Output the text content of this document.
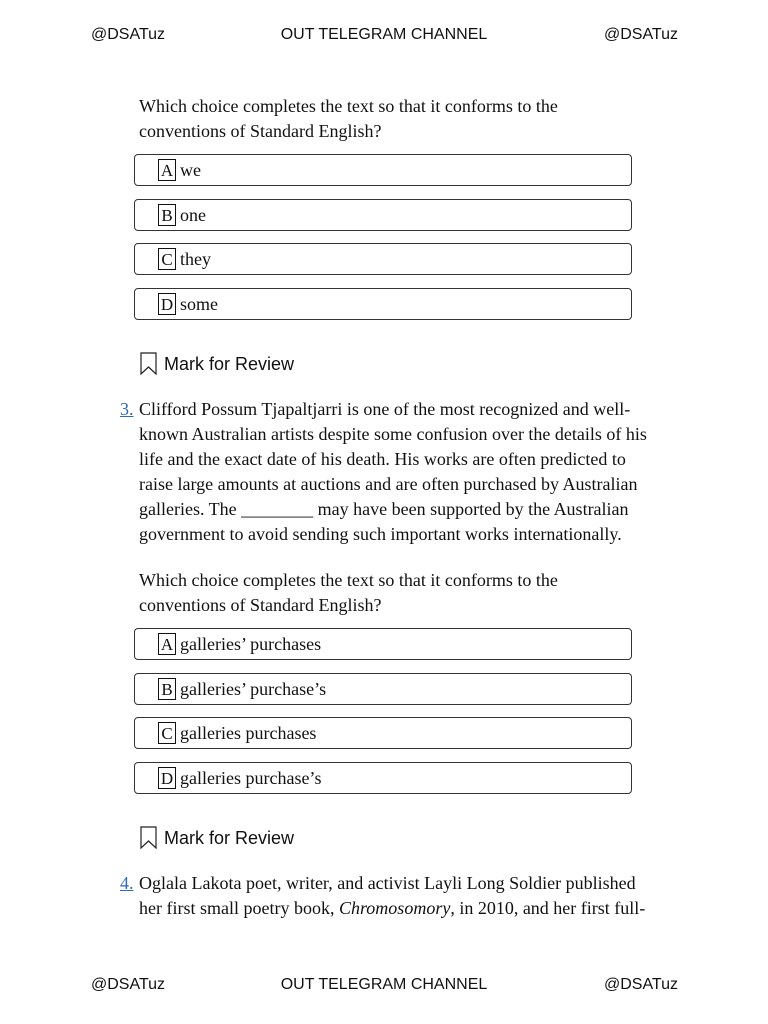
@DSATuz	OUT TELEGRAM CHANNEL	@DSATuz
Which choice completes the text so that it conforms to the
conventions of Standard English?
A we
B one
C they
D some
Mark for Review
3. Clifford Possum Tjapaltjarri is one of the most recognized and well-

known Australian artists despite some confusion over the details of his

life and the exact date of his death. His works are often predicted to

raise large amounts at auctions and are often purchased by Australian

galleries. The ________ may have been supported by the Australian

government to avoid sending such important works internationally.

Which choice completes the text so that it conforms to the
conventions of Standard English?
A galleries’ purchases
B galleries’ purchase’s
C galleries purchases
D galleries purchase’s
Mark for Review
4. Oglala Lakota poet, writer, and activist Layli Long Soldier published

her first small poetry book, Chromosomory, in 2010, and her first full-

@DSATuz	OUT TELEGRAM CHANNEL	@DSATuz
